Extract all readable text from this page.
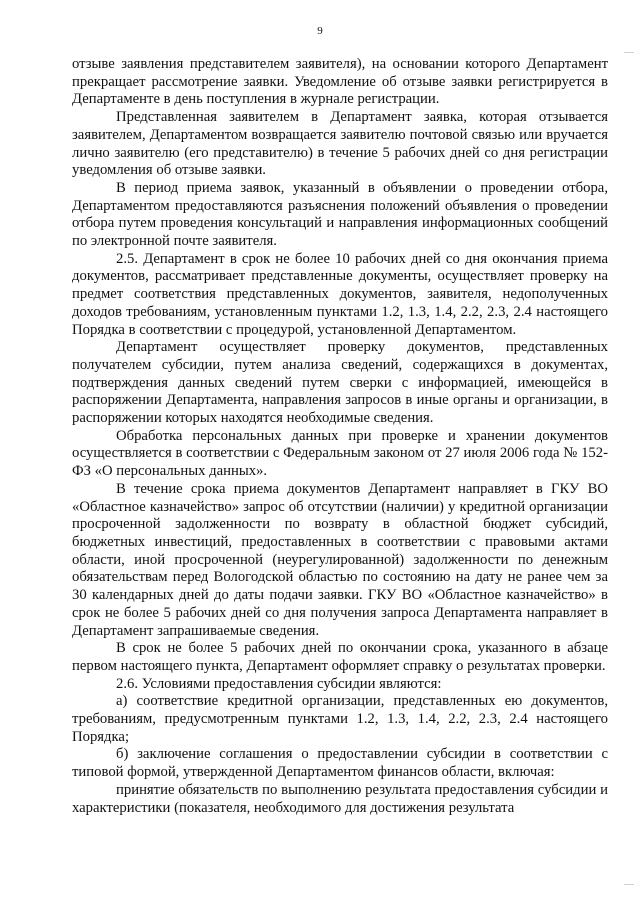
9

отзыве заявления представителем заявителя), на основании которого Департамент прекращает рассмотрение заявки. Уведомление об отзыве заявки регистрируется в Департаменте в день поступления в журнале регистрации.

Представленная заявителем в Департамент заявка, которая отзывается заявителем, Департаментом возвращается заявителю почтовой связью или вручается лично заявителю (его представителю) в течение 5 рабочих дней со дня регистрации уведомления об отзыве заявки.

В период приема заявок, указанный в объявлении о проведении отбора, Департаментом предоставляются разъяснения положений объявления о проведении отбора путем проведения консультаций и направления информационных сообщений по электронной почте заявителя.

2.5. Департамент в срок не более 10 рабочих дней со дня окончания приема документов, рассматривает представленные документы, осуществляет проверку на предмет соответствия представленных документов, заявителя, недополученных доходов требованиям, установленным пунктами 1.2, 1.3, 1.4, 2.2, 2.3, 2.4 настоящего Порядка в соответствии с процедурой, установленной Департаментом.

Департамент осуществляет проверку документов, представленных получателем субсидии, путем анализа сведений, содержащихся в документах, подтверждения данных сведений путем сверки с информацией, имеющейся в распоряжении Департамента, направления запросов в иные органы и организации, в распоряжении которых находятся необходимые сведения.

Обработка персональных данных при проверке и хранении документов осуществляется в соответствии с Федеральным законом от 27 июля 2006 года № 152-ФЗ «О персональных данных».

В течение срока приема документов Департамент направляет в ГКУ ВО «Областное казначейство» запрос об отсутствии (наличии) у кредитной организации просроченной задолженности по возврату в областной бюджет субсидий, бюджетных инвестиций, предоставленных в соответствии с правовыми актами области, иной просроченной (неурегулированной) задолженности по денежным обязательствам перед Вологодской областью по состоянию на дату не ранее чем за 30 календарных дней до даты подачи заявки. ГКУ ВО «Областное казначейство» в срок не более 5 рабочих дней со дня получения запроса Департамента направляет в Департамент запрашиваемые сведения.

В срок не более 5 рабочих дней по окончании срока, указанного в абзаце первом настоящего пункта, Департамент оформляет справку о результатах проверки.

2.6. Условиями предоставления субсидии являются:

а) соответствие кредитной организации, представленных ею документов, требованиям, предусмотренным пунктами 1.2, 1.3, 1.4, 2.2, 2.3, 2.4 настоящего Порядка;

б) заключение соглашения о предоставлении субсидии в соответствии с типовой формой, утвержденной Департаментом финансов области, включая:

принятие обязательств по выполнению результата предоставления субсидии и характеристики (показателя, необходимого для достижения результата
